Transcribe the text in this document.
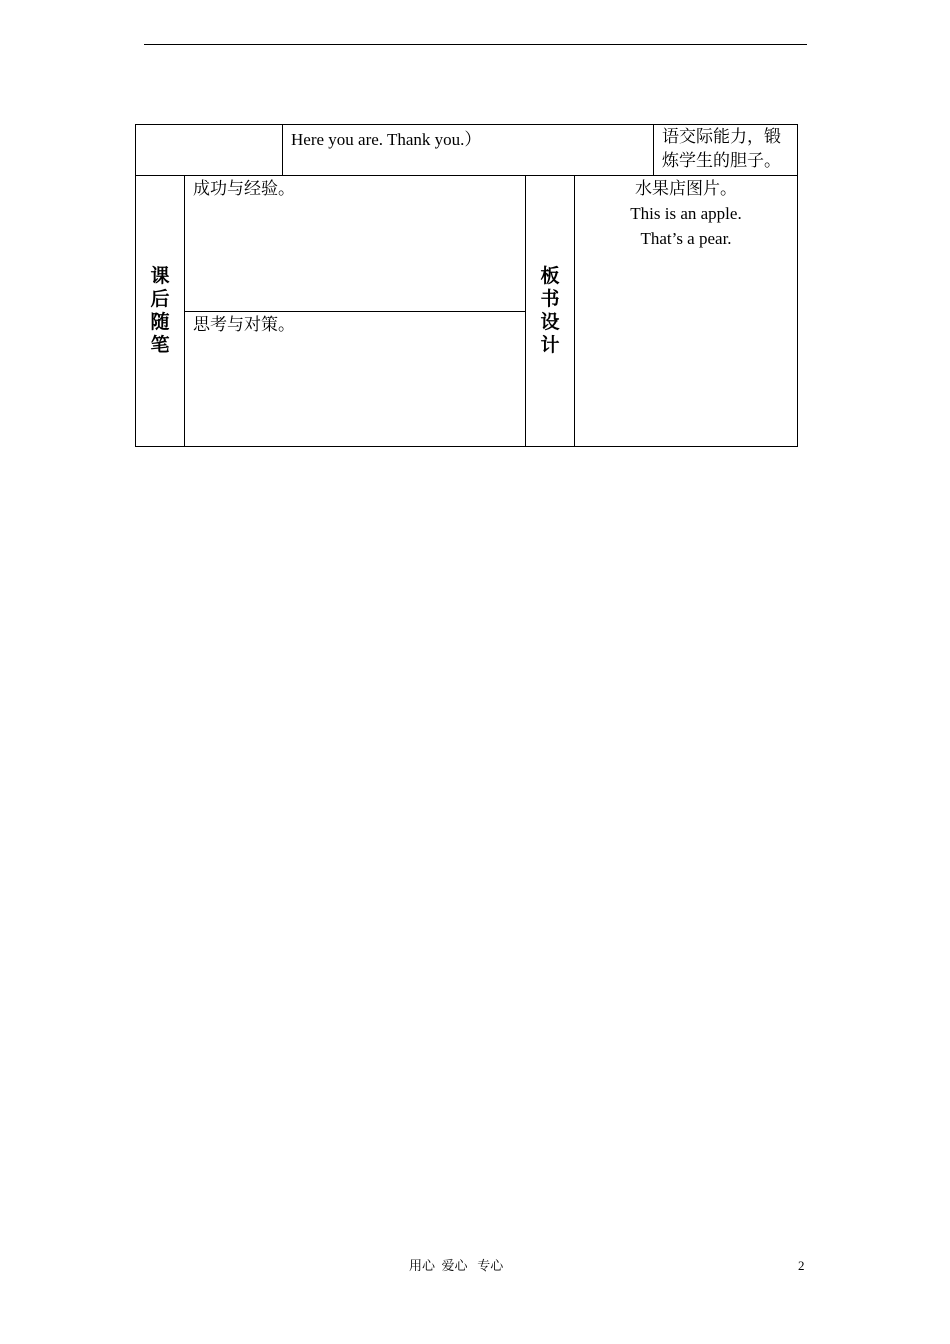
Here you are. Thank you.）	语交际能力，锻
炼学生的胆子。
课
后
随
笔
成功与经验。
思考与对策。
板
书
设
计
水果店图片。
This is an apple.
That’s a pear.
用心  爱心   专心	2
